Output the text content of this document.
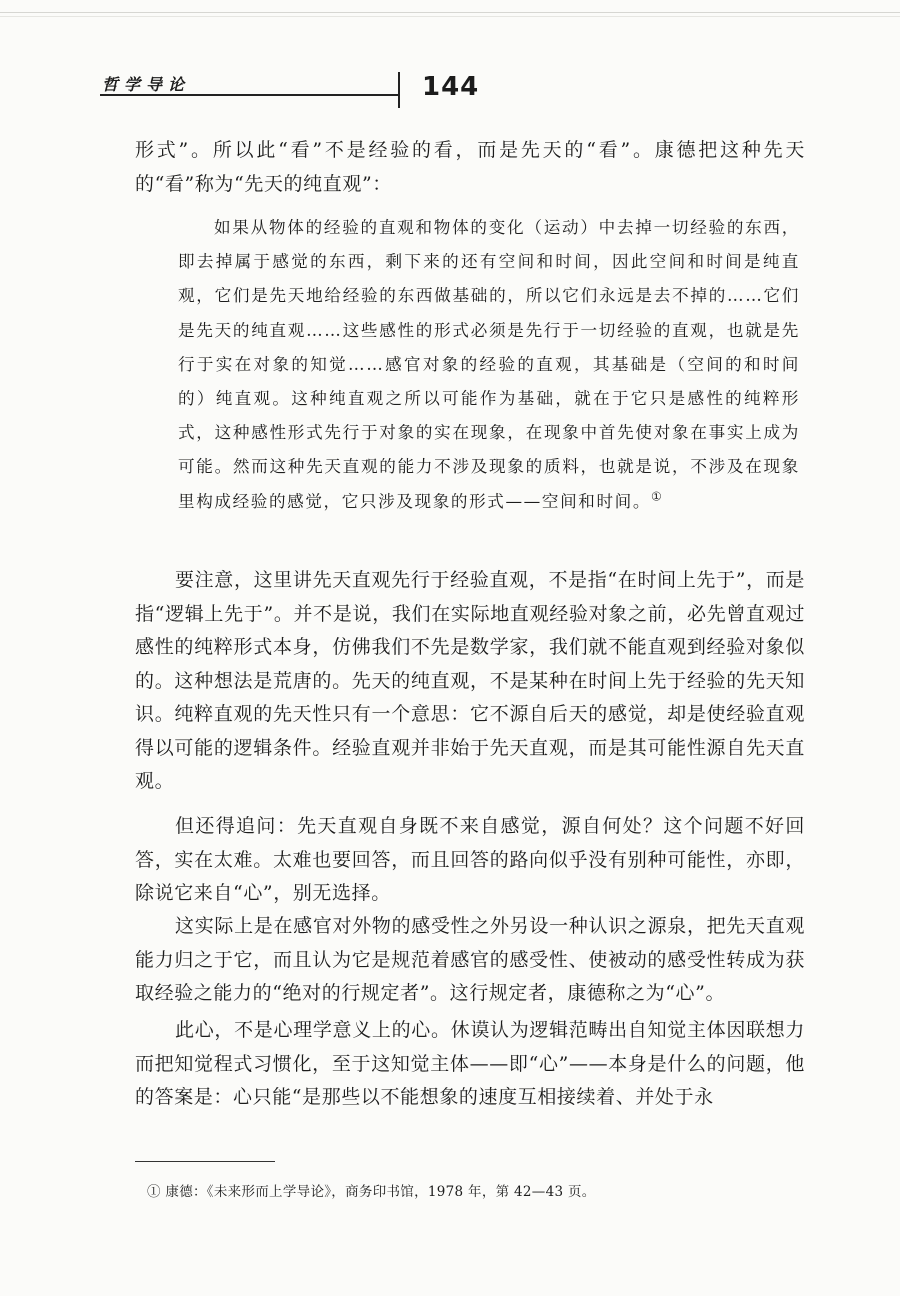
哲学导论	144

形式”。所以此“看”不是经验的看，而是先天的“看”。康德把这种先天的“看”称为“先天的纯直观”：

如果从物体的经验的直观和物体的变化（运动）中去掉一切经验的东西，即去掉属于感觉的东西，剩下来的还有空间和时间，因此空间和时间是纯直观，它们是先天地给经验的东西做基础的，所以它们永远是去不掉的……它们是先天的纯直观……这些感性的形式必须是先行于一切经验的直观，也就是先行于实在对象的知觉……感官对象的经验的直观，其基础是（空间的和时间的）纯直观。这种纯直观之所以可能作为基础，就在于它只是感性的纯粹形式，这种感性形式先行于对象的实在现象，在现象中首先使对象在事实上成为可能。然而这种先天直观的能力不涉及现象的质料，也就是说，不涉及在现象里构成经验的感觉，它只涉及现象的形式——空间和时间。①

要注意，这里讲先天直观先行于经验直观，不是指“在时间上先于”，而是指“逻辑上先于”。并不是说，我们在实际地直观经验对象之前，必先曾直观过感性的纯粹形式本身，仿佛我们不先是数学家，我们就不能直观到经验对象似的。这种想法是荒唐的。先天的纯直观，不是某种在时间上先于经验的先天知识。纯粹直观的先天性只有一个意思：它不源自后天的感觉，却是使经验直观得以可能的逻辑条件。经验直观并非始于先天直观，而是其可能性源自先天直观。

但还得追问：先天直观自身既不来自感觉，源自何处？这个问题不好回答，实在太难。太难也要回答，而且回答的路向似乎没有别种可能性，亦即，除说它来自“心”，别无选择。

这实际上是在感官对外物的感受性之外另设一种认识之源泉，把先天直观能力归之于它，而且认为它是规范着感官的感受性、使被动的感受性转成为获取经验之能力的“绝对的行规定者”。这行规定者，康德称之为“心”。

此心，不是心理学意义上的心。休谟认为逻辑范畴出自知觉主体因联想力而把知觉程式习惯化，至于这知觉主体——即“心”——本身是什么的问题，他的答案是：心只能“是那些以不能想象的速度互相接续着、并处于永

① 康德：《未来形而上学导论》，商务印书馆，1978 年，第 42—43 页。
